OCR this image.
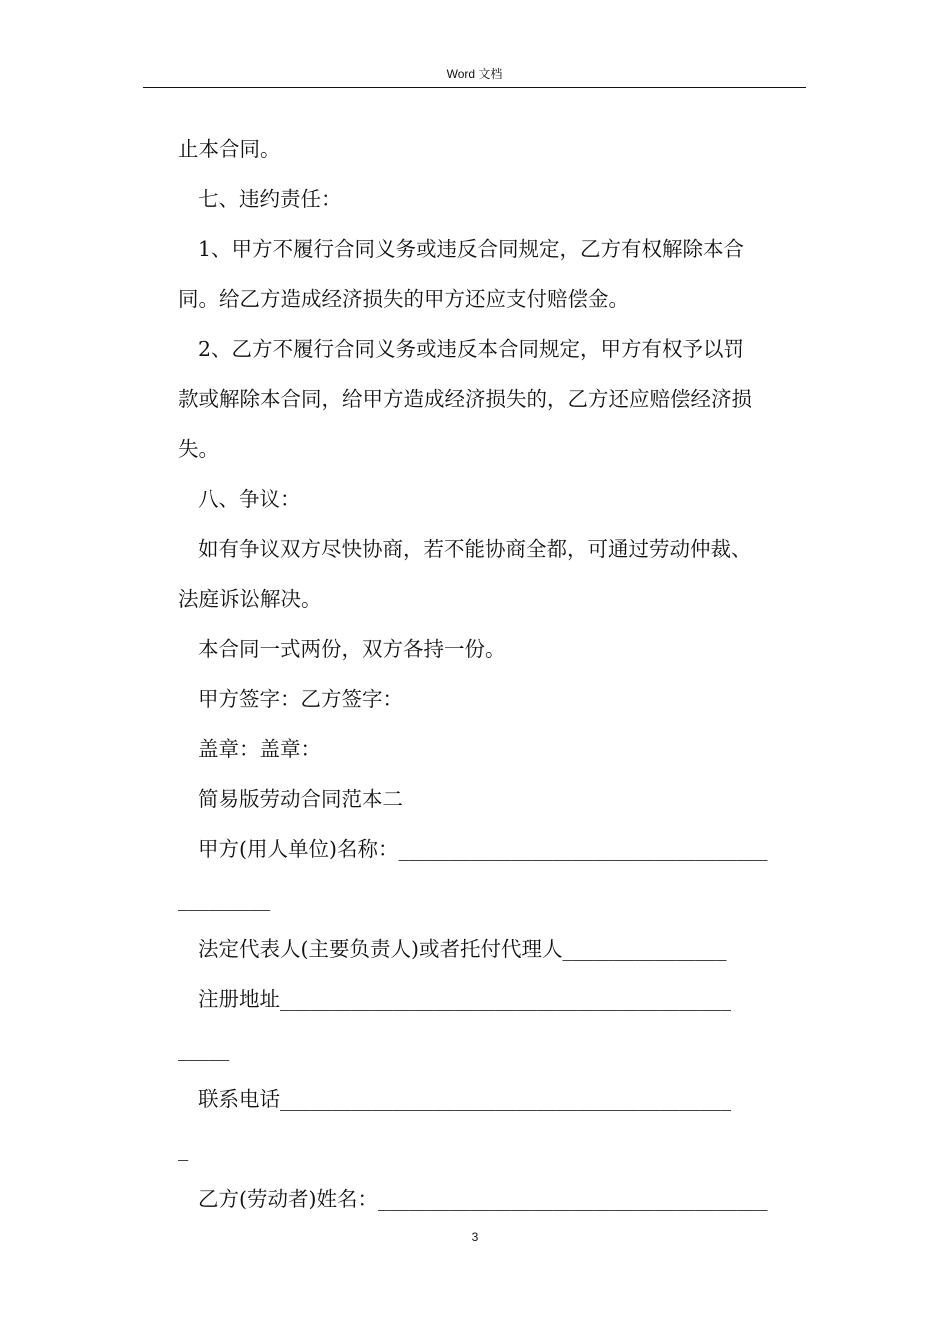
Word 文档

止本合同。

七、违约责任：

1、甲方不履行合同义务或违反合同规定，乙方有权解除本合

同。给乙方造成经济损失的甲方还应支付赔偿金。

2、乙方不履行合同义务或违反本合同规定，甲方有权予以罚

款或解除本合同，给甲方造成经济损失的，乙方还应赔偿经济损

失。

八、争议：

如有争议双方尽快协商，若不能协商全都，可通过劳动仲裁、

法庭诉讼解决。

本合同一式两份，双方各持一份。

甲方签字：乙方签字：

盖章：盖章：

简易版劳动合同范本二

甲方(用人单位)名称：____________________________________

_________

法定代表人(主要负责人)或者托付代理人________________

注册地址____________________________________________

_____

联系电话____________________________________________

_

乙方(劳动者)姓名：______________________________________

3
